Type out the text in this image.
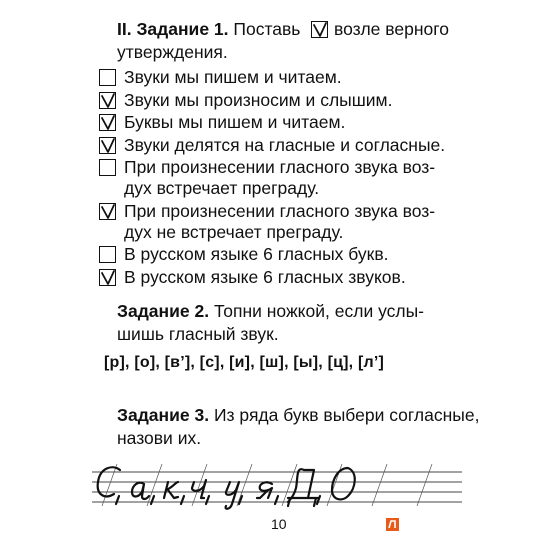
II. Задание 1. Поставь возле верного
утверждения.
Звуки мы пишем и читаем.
Звуки мы произносим и слышим.
Буквы мы пишем и читаем.
Звуки делятся на гласные и согласные.
При произнесении гласного звука воз-
дух встречает преграду.
При произнесении гласного звука воз-
дух не встречает преграду.
В русском языке 6 гласных букв.
В русском языке 6 гласных звуков.
Задание 2. Топни ножкой, если услы-
шишь гласный звук.
[р], [о], [в’], [с], [и], [ш], [ы], [ц], [л’]
Задание 3. Из ряда букв выбери согласные,
назови их.
10
